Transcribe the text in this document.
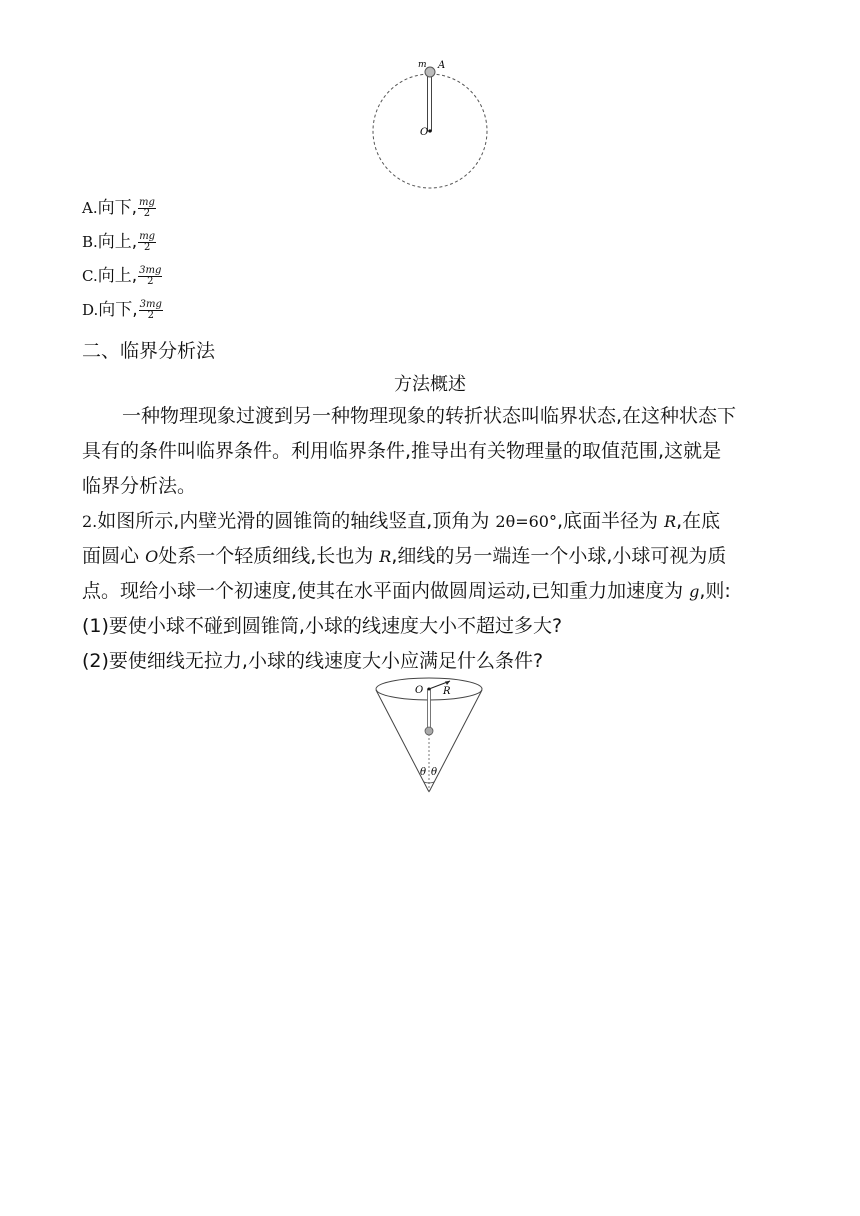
m A
O
A.向下, $\frac{mg}{2}$
B.向上, $\frac{mg}{2}$
C.向上, $\frac{3mg}{2}$
D.向下, $\frac{3mg}{2}$
二、临界分析法
方法概述
一种物理现象过渡到另一种物理现象的转折状态叫临界状态,在这种状态下
具有的条件叫临界条件。利用临界条件,推导出有关物理量的取值范围,这就是
临界分析法。
2.如图所示,内壁光滑的圆锥筒的轴线竖直,顶角为 2θ=60°,底面半径为 R,在底
面圆心 O处系一个轻质细线,长也为 R,细线的另一端连一个小球,小球可视为质
点。现给小球一个初速度,使其在水平面内做圆周运动,已知重力加速度为 g,则:
(1)要使小球不碰到圆锥筒,小球的线速度大小不超过多大?
(2)要使细线无拉力,小球的线速度大小应满足什么条件?
O R
θ θ
